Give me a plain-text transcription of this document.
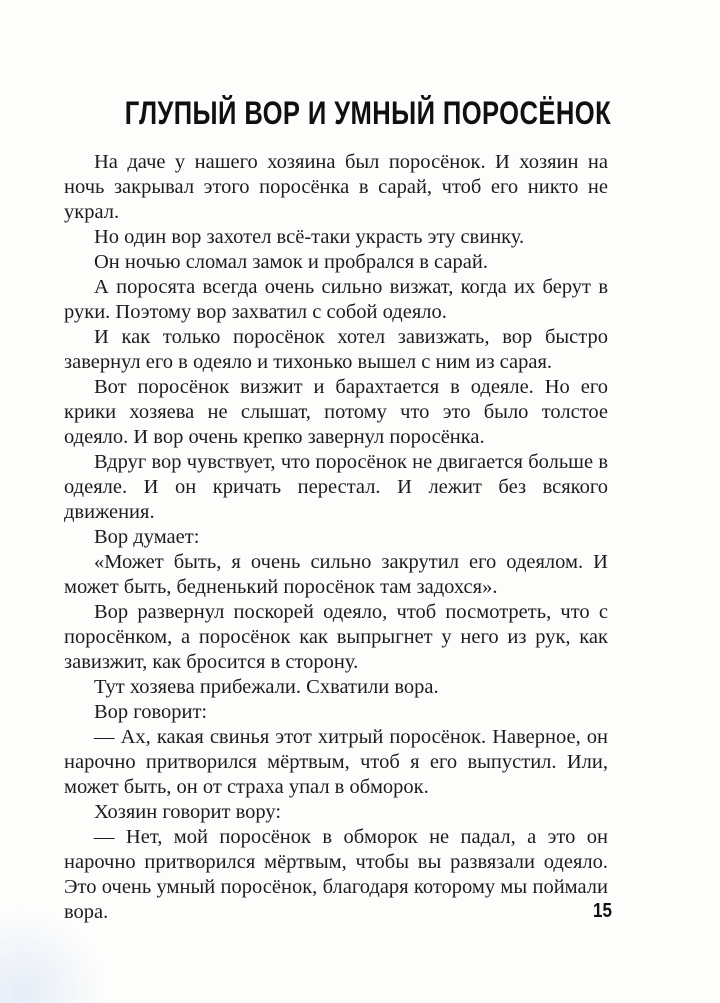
ГЛУПЫЙ ВОР И УМНЫЙ ПОРОСЁНОК

На даче у нашего хозяина был поросёнок. И хозяин на ночь закрывал этого поросёнка в сарай, чтоб его никто не украл.

Но один вор захотел всё-таки украсть эту свинку.

Он ночью сломал замок и пробрался в сарай.

А поросята всегда очень сильно визжат, когда их берут в руки. Поэтому вор захватил с собой одеяло.

И как только поросёнок хотел завизжать, вор быстро завернул его в одеяло и тихонько вышел с ним из сарая.

Вот поросёнок визжит и барахтается в одеяле. Но его крики хозяева не слышат, потому что это было толстое одеяло. И вор очень крепко завернул поросёнка.

Вдруг вор чувствует, что поросёнок не двигается больше в одеяле. И он кричать перестал. И лежит без всякого движения.

Вор думает:

«Может быть, я очень сильно закрутил его одеялом. И может быть, бедненький поросёнок там задохся».

Вор развернул поскорей одеяло, чтоб посмотреть, что с поросёнком, а поросёнок как выпрыгнет у него из рук, как завизжит, как бросится в сторону.

Тут хозяева прибежали. Схватили вора.

Вор говорит:

— Ах, какая свинья этот хитрый поросёнок. Наверное, он нарочно притворился мёртвым, чтоб я его выпустил. Или, может быть, он от страха упал в обморок.

Хозяин говорит вору:

— Нет, мой поросёнок в обморок не падал, а это он нарочно притворился мёртвым, чтобы вы развязали одеяло. Это очень умный поросёнок, благодаря которому мы поймали вора.	15
